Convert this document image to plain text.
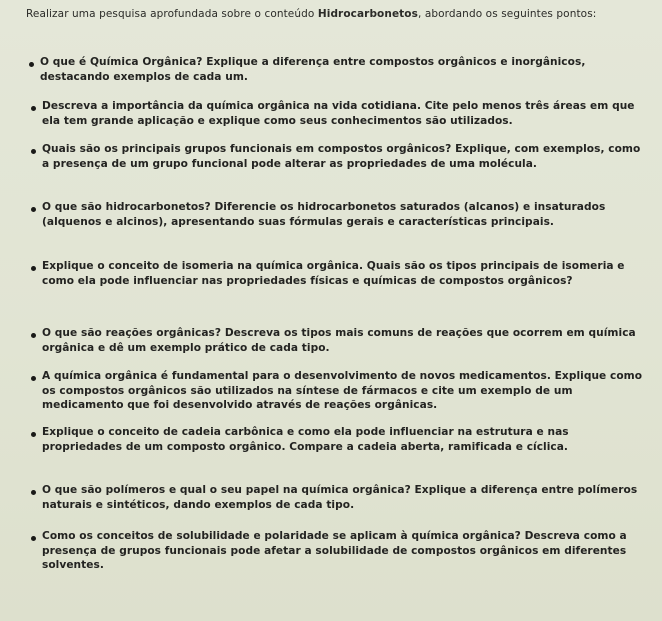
Realizar uma pesquisa aprofundada sobre o conteúdo Hidrocarbonetos, abordando os seguintes pontos:
O que é Química Orgânica? Explique a diferença entre compostos orgânicos e inorgânicos, destacando exemplos de cada um.
Descreva a importância da química orgânica na vida cotidiana. Cite pelo menos três áreas em que ela tem grande aplicação e explique como seus conhecimentos são utilizados.
Quais são os principais grupos funcionais em compostos orgânicos? Explique, com exemplos, como a presença de um grupo funcional pode alterar as propriedades de uma molécula.
O que são hidrocarbonetos? Diferencie os hidrocarbonetos saturados (alcanos) e insaturados (alquenos e alcinos), apresentando suas fórmulas gerais e características principais.
Explique o conceito de isomeria na química orgânica. Quais são os tipos principais de isomeria e como ela pode influenciar nas propriedades físicas e químicas de compostos orgânicos?
O que são reações orgânicas? Descreva os tipos mais comuns de reações que ocorrem em química orgânica e dê um exemplo prático de cada tipo.
A química orgânica é fundamental para o desenvolvimento de novos medicamentos. Explique como os compostos orgânicos são utilizados na síntese de fármacos e cite um exemplo de um medicamento que foi desenvolvido através de reações orgânicas.
Explique o conceito de cadeia carbônica e como ela pode influenciar na estrutura e nas propriedades de um composto orgânico. Compare a cadeia aberta, ramificada e cíclica.
O que são polímeros e qual o seu papel na química orgânica? Explique a diferença entre polímeros naturais e sintéticos, dando exemplos de cada tipo.
Como os conceitos de solubilidade e polaridade se aplicam à química orgânica? Descreva como a presença de grupos funcionais pode afetar a solubilidade de compostos orgânicos em diferentes solventes.
